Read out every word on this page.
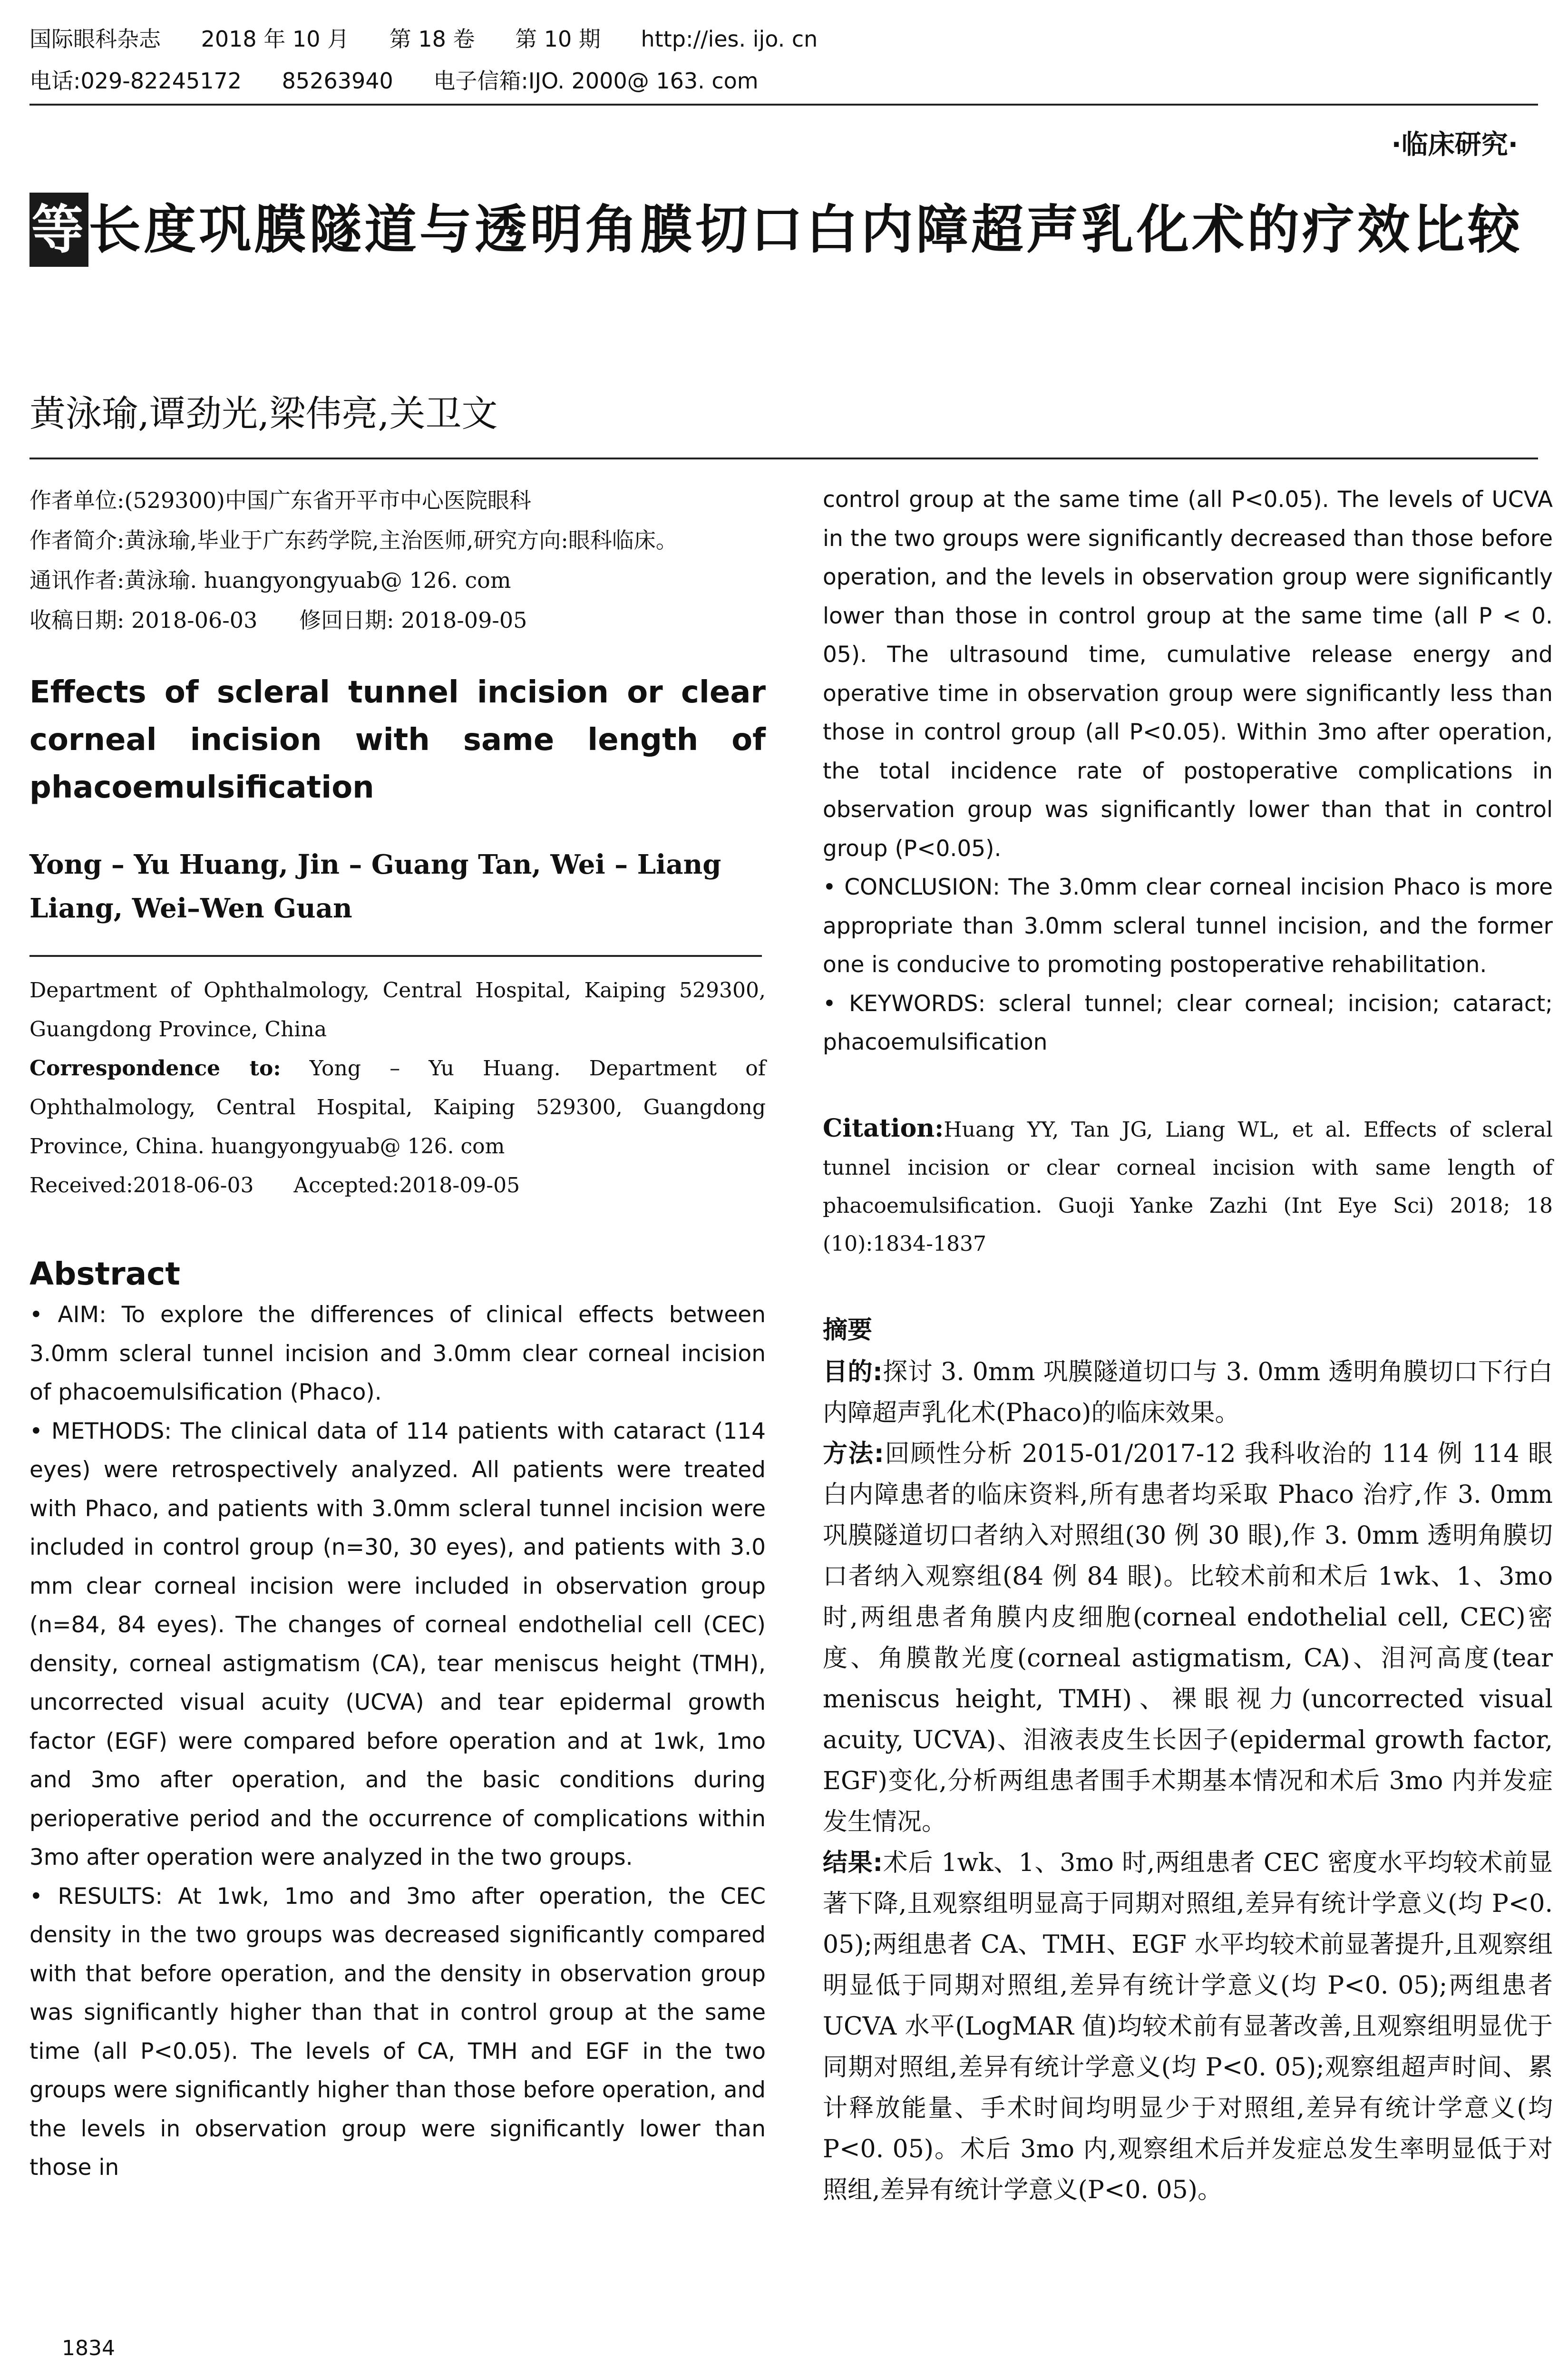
国际眼科杂志 2018 年 10 月 第 18 卷 第 10 期 http://ies. ijo. cn
电话:029-82245172 85263940 电子信箱:IJO. 2000@ 163. com
·临床研究·
等长度巩膜隧道与透明角膜切口白内障超声乳化术的疗效比较
黄泳瑜,谭劲光,梁伟亮,关卫文
作者单位:(529300)中国广东省开平市中心医院眼科
作者简介:黄泳瑜,毕业于广东药学院,主治医师,研究方向:眼科临床。
通讯作者:黄泳瑜. huangyongyuab@ 126. com
收稿日期: 2018-06-03      修回日期: 2018-09-05
Effects of scleral tunnel incision or clear corneal incision with same length of phacoemulsification
Yong – Yu Huang, Jin – Guang Tan, Wei – Liang Liang, Wei–Wen Guan
Department of Ophthalmology, Central Hospital, Kaiping 529300, Guangdong Province, China
Correspondence to: Yong – Yu Huang. Department of Ophthalmology, Central Hospital, Kaiping 529300, Guangdong Province, China. huangyongyuab@ 126. com
Received:2018-06-03      Accepted:2018-09-05
Abstract
• AIM: To explore the differences of clinical effects between 3.0mm scleral tunnel incision and 3.0mm clear corneal incision of phacoemulsification (Phaco).
• METHODS: The clinical data of 114 patients with cataract (114 eyes) were retrospectively analyzed. All patients were treated with Phaco, and patients with 3.0mm scleral tunnel incision were included in control group (n=30, 30 eyes), and patients with 3.0 mm clear corneal incision were included in observation group (n=84, 84 eyes). The changes of corneal endothelial cell (CEC) density, corneal astigmatism (CA), tear meniscus height (TMH), uncorrected visual acuity (UCVA) and tear epidermal growth factor (EGF) were compared before operation and at 1wk, 1mo and 3mo after operation, and the basic conditions during perioperative period and the occurrence of complications within 3mo after operation were analyzed in the two groups.
• RESULTS: At 1wk, 1mo and 3mo after operation, the CEC density in the two groups was decreased significantly compared with that before operation, and the density in observation group was significantly higher than that in control group at the same time (all P<0.05). The levels of CA, TMH and EGF in the two groups were significantly higher than those before operation, and the levels in observation group were significantly lower than those in
control group at the same time (all P<0.05). The levels of UCVA in the two groups were significantly decreased than those before operation, and the levels in observation group were significantly lower than those in control group at the same time (all P < 0. 05). The ultrasound time, cumulative release energy and operative time in observation group were significantly less than those in control group (all P<0.05). Within 3mo after operation, the total incidence rate of postoperative complications in observation group was significantly lower than that in control group (P<0.05).
• CONCLUSION: The 3.0mm clear corneal incision Phaco is more appropriate than 3.0mm scleral tunnel incision, and the former one is conducive to promoting postoperative rehabilitation.
• KEYWORDS: scleral tunnel; clear corneal; incision; cataract; phacoemulsification
Citation:Huang YY, Tan JG, Liang WL, et al. Effects of scleral tunnel incision or clear corneal incision with same length of phacoemulsification. Guoji Yanke Zazhi (Int Eye Sci) 2018; 18 (10):1834-1837
摘要
目的:探讨 3. 0mm 巩膜隧道切口与 3. 0mm 透明角膜切口下行白内障超声乳化术(Phaco)的临床效果。
方法:回顾性分析 2015-01/2017-12 我科收治的 114 例 114 眼白内障患者的临床资料,所有患者均采取 Phaco 治疗,作 3. 0mm 巩膜隧道切口者纳入对照组(30 例 30 眼),作 3. 0mm 透明角膜切口者纳入观察组(84 例 84 眼)。比较术前和术后 1wk、1、3mo 时,两组患者角膜内皮细胞(corneal endothelial cell, CEC)密度、角膜散光度(corneal astigmatism, CA)、泪河高度(tear meniscus height, TMH)、裸眼视力(uncorrected visual acuity, UCVA)、泪液表皮生长因子(epidermal growth factor, EGF)变化,分析两组患者围手术期基本情况和术后 3mo 内并发症发生情况。
结果:术后 1wk、1、3mo 时,两组患者 CEC 密度水平均较术前显著下降,且观察组明显高于同期对照组,差异有统计学意义(均 P<0. 05);两组患者 CA、TMH、EGF 水平均较术前显著提升,且观察组明显低于同期对照组,差异有统计学意义(均 P<0. 05);两组患者 UCVA 水平(LogMAR 值)均较术前有显著改善,且观察组明显优于同期对照组,差异有统计学意义(均 P<0. 05);观察组超声时间、累计释放能量、手术时间均明显少于对照组,差异有统计学意义(均 P<0. 05)。术后 3mo 内,观察组术后并发症总发生率明显低于对照组,差异有统计学意义(P<0. 05)。
1834
